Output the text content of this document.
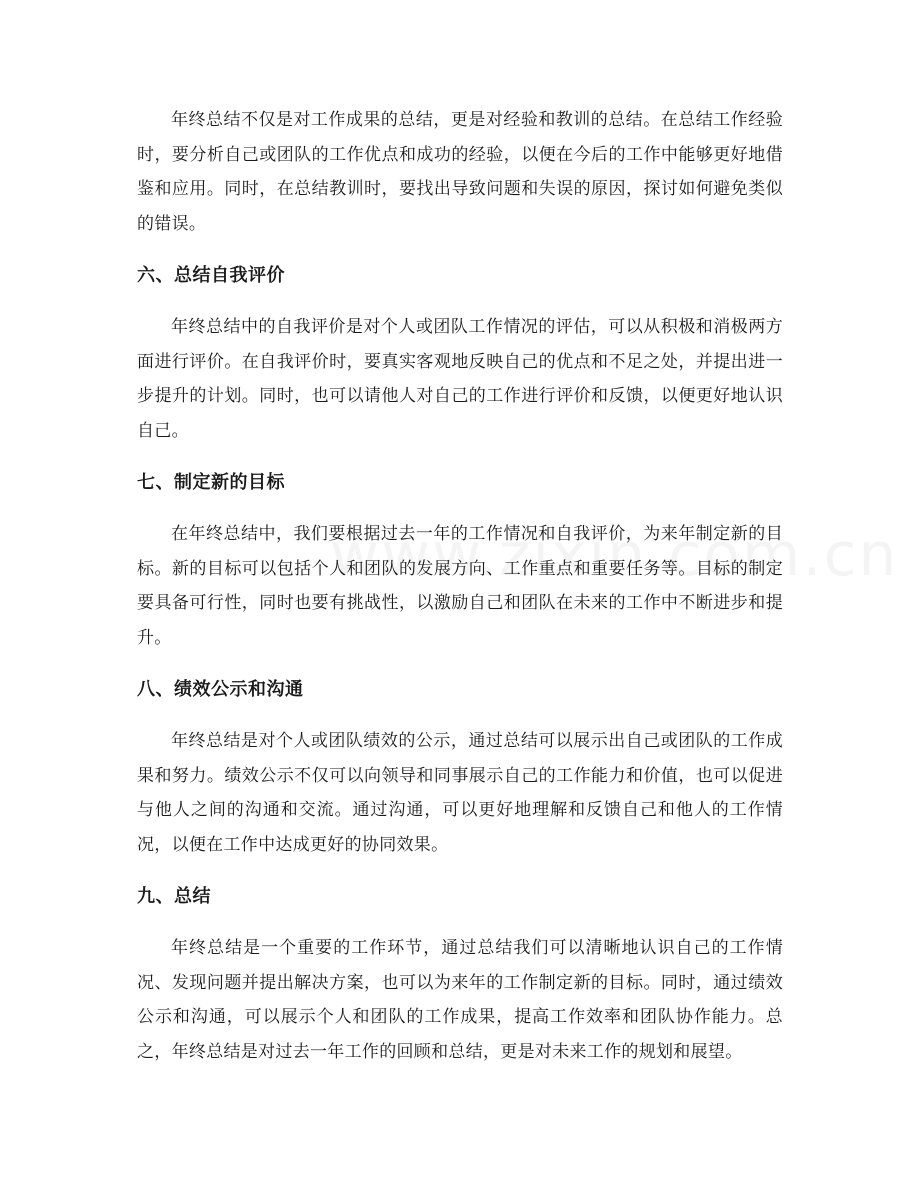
年终总结不仅是对工作成果的总结，更是对经验和教训的总结。在总结工作经验时，要分析自己或团队的工作优点和成功的经验，以便在今后的工作中能够更好地借鉴和应用。同时，在总结教训时，要找出导致问题和失误的原因，探讨如何避免类似的错误。

六、总结自我评价

年终总结中的自我评价是对个人或团队工作情况的评估，可以从积极和消极两方面进行评价。在自我评价时，要真实客观地反映自己的优点和不足之处，并提出进一步提升的计划。同时，也可以请他人对自己的工作进行评价和反馈，以便更好地认识自己。

七、制定新的目标

在年终总结中，我们要根据过去一年的工作情况和自我评价，为来年制定新的目标。新的目标可以包括个人和团队的发展方向、工作重点和重要任务等。目标的制定要具备可行性，同时也要有挑战性，以激励自己和团队在未来的工作中不断进步和提升。

八、绩效公示和沟通

年终总结是对个人或团队绩效的公示，通过总结可以展示出自己或团队的工作成果和努力。绩效公示不仅可以向领导和同事展示自己的工作能力和价值，也可以促进与他人之间的沟通和交流。通过沟通，可以更好地理解和反馈自己和他人的工作情况，以便在工作中达成更好的协同效果。

九、总结

年终总结是一个重要的工作环节，通过总结我们可以清晰地认识自己的工作情况、发现问题并提出解决方案，也可以为来年的工作制定新的目标。同时，通过绩效公示和沟通，可以展示个人和团队的工作成果，提高工作效率和团队协作能力。总之，年终总结是对过去一年工作的回顾和总结，更是对未来工作的规划和展望。
